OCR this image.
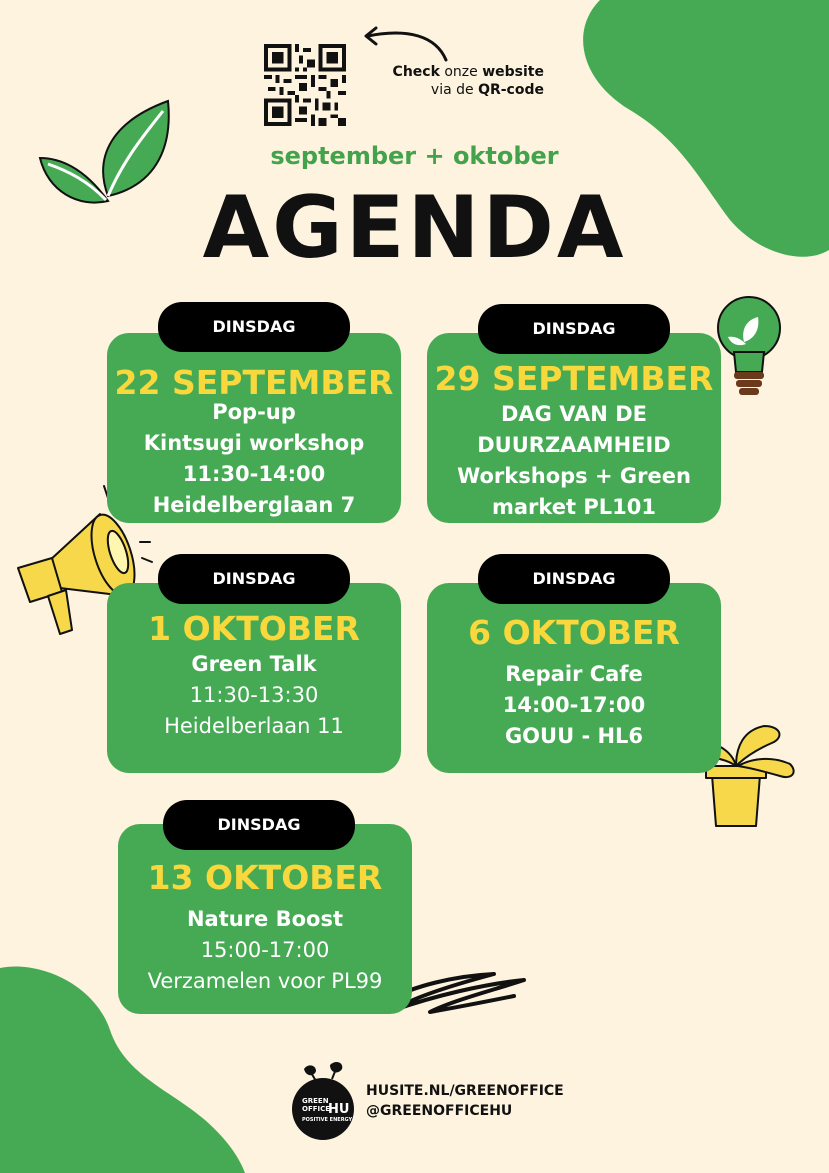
Check onze website
via de QR-code
september + oktober
AGENDA
22 SEPTEMBER
Pop-up
Kintsugi workshop
11:30-14:00
Heidelberglaan 7
DINSDAG
29 SEPTEMBER
DAG VAN DE
DUURZAAMHEID
Workshops + Green
market PL101
DINSDAG
1 OKTOBER
Green Talk
11:30-13:30
Heidelberlaan 11
DINSDAG
6 OKTOBER
Repair Cafe
14:00-17:00
GOUU - HL6
DINSDAG
13 OKTOBER
Nature Boost
15:00-17:00
Verzamelen voor PL99
DINSDAG
GREEN
OFFICE
HU
POSITIVE ENERGY
HUSITE.NL/GREENOFFICE
@GREENOFFICEHU
